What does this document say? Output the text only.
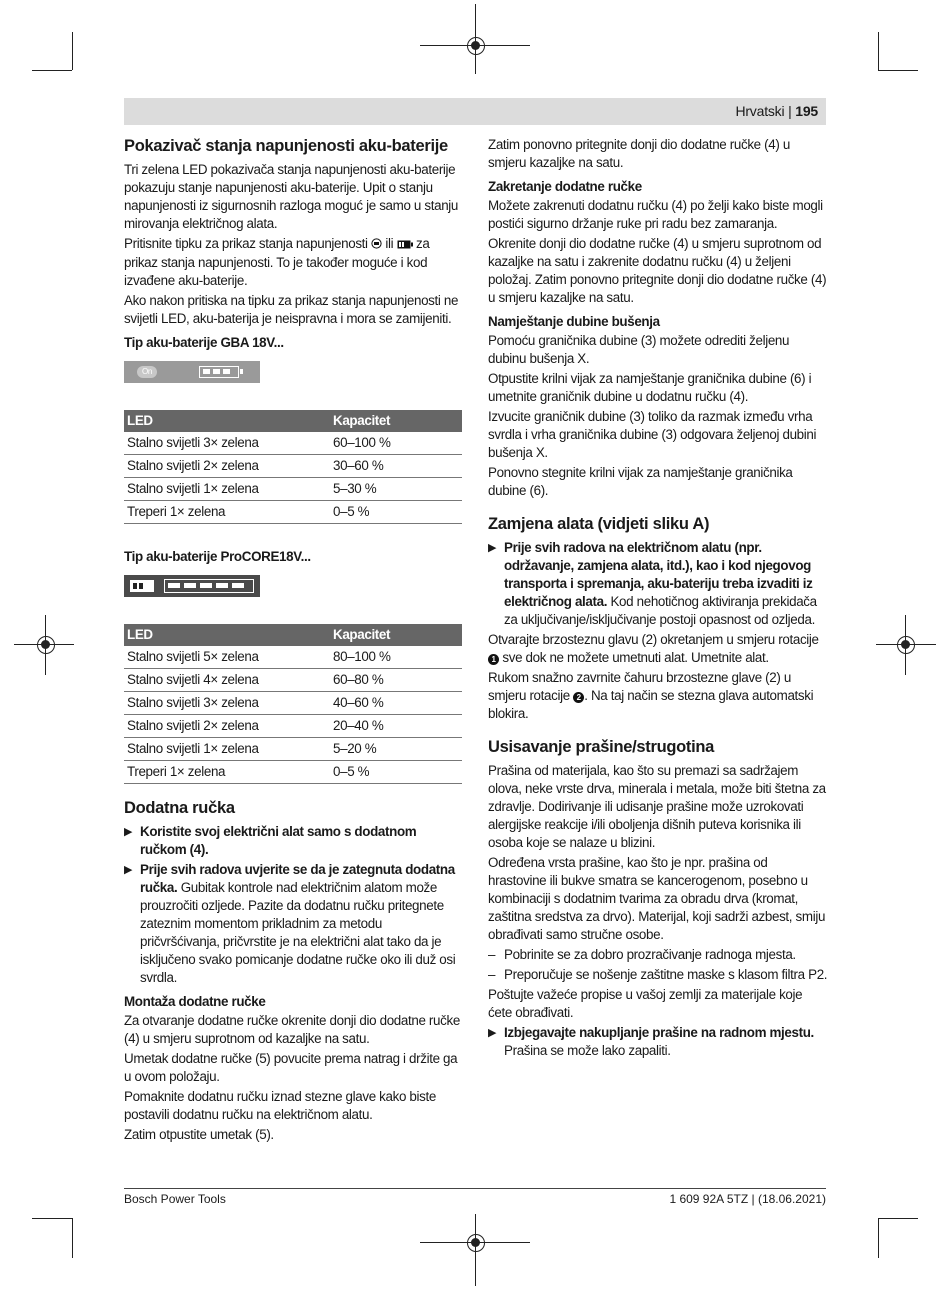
Hrvatski | 195
Pokazivač stanja napunjenosti aku-baterije

Tri zelena LED pokazivača stanja napunjenosti aku-baterije pokazuju stanje napunjenosti aku-baterije. Upit o stanju napunjenosti iz sigurnosnih razloga moguć je samo u stanju mirovanja električnog alata.

Pritisnite tipku za prikaz stanja napunjenosti ili za prikaz stanja napunjenosti. To je također moguće i kod izvađene aku-baterije.

Ako nakon pritiska na tipku za prikaz stanja napunjenosti ne svijetli LED, aku-baterija je neispravna i mora se zamijeniti.

Tip aku-baterije GBA 18V...
On
LED	Kapacitet
Stalno svijetli 3× zelena	60–100 %
Stalno svijetli 2× zelena	30–60 %
Stalno svijetli 1× zelena	5–30 %
Treperi 1× zelena	0–5 %
Tip aku-baterije ProCORE18V...
LED	Kapacitet
Stalno svijetli 5× zelena	80–100 %
Stalno svijetli 4× zelena	60–80 %
Stalno svijetli 3× zelena	40–60 %
Stalno svijetli 2× zelena	20–40 %
Stalno svijetli 1× zelena	5–20 %
Treperi 1× zelena	0–5 %
Dodatna ručka
▶ Koristite svoj električni alat samo s dodatnom ručkom (4).
▶ Prije svih radova uvjerite se da je zategnuta dodatna ručka. Gubitak kontrole nad električnim alatom može prouzročiti ozljede. Pazite da dodatnu ručku pritegnete zateznim momentom prikladnim za metodu pričvršćivanja, pričvrstite je na električni alat tako da je isključeno svako pomicanje dodatne ručke oko ili duž osi svrdla.
Montaža dodatne ručke

Za otvaranje dodatne ručke okrenite donji dio dodatne ručke (4) u smjeru suprotnom od kazaljke na satu.

Umetak dodatne ručke (5) povucite prema natrag i držite ga u ovom položaju.

Pomaknite dodatnu ručku iznad stezne glave kako biste postavili dodatnu ručku na električnom alatu.

Zatim otpustite umetak (5).

Zatim ponovno pritegnite donji dio dodatne ručke (4) u smjeru kazaljke na satu.

Zakretanje dodatne ručke

Možete zakrenuti dodatnu ručku (4) po želji kako biste mogli postići sigurno držanje ruke pri radu bez zamaranja.

Okrenite donji dio dodatne ručke (4) u smjeru suprotnom od kazaljke na satu i zakrenite dodatnu ručku (4) u željeni položaj. Zatim ponovno pritegnite donji dio dodatne ručke (4) u smjeru kazaljke na satu.

Namještanje dubine bušenja

Pomoću graničnika dubine (3) možete odrediti željenu dubinu bušenja X.

Otpustite krilni vijak za namještanje graničnika dubine (6) i umetnite graničnik dubine u dodatnu ručku (4).

Izvucite graničnik dubine (3) toliko da razmak između vrha svrdla i vrha graničnika dubine (3) odgovara željenoj dubini bušenja X.

Ponovno stegnite krilni vijak za namještanje graničnika dubine (6).

Zamjena alata (vidjeti sliku A)
▶ Prije svih radova na električnom alatu (npr. održavanje, zamjena alata, itd.), kao i kod njegovog transporta i spremanja, aku-bateriju treba izvaditi iz električnog alata. Kod nehotičnog aktiviranja prekidača za uključivanje/isključivanje postoji opasnost od ozljeda.

Otvarajte brzosteznu glavu (2) okretanjem u smjeru rotacije 1 sve dok ne možete umetnuti alat. Umetnite alat.

Rukom snažno zavrnite čahuru brzostezne glave (2) u smjeru rotacije 2 . Na taj način se stezna glava automatski blokira.

Usisavanje prašine/strugotina

Prašina od materijala, kao što su premazi sa sadržajem olova, neke vrste drva, minerala i metala, može biti štetna za zdravlje. Dodirivanje ili udisanje prašine može uzrokovati alergijske reakcije i/ili oboljenja dišnih puteva korisnika ili osoba koje se nalaze u blizini.

Određena vrsta prašine, kao što je npr. prašina od hrastovine ili bukve smatra se kancerogenom, posebno u kombinaciji s dodatnim tvarima za obradu drva (kromat, zaštitna sredstva za drvo). Materijal, koji sadrži azbest, smiju obrađivati samo stručne osobe.

– Pobrinite se za dobro prozračivanje radnoga mjesta.
– Preporučuje se nošenje zaštitne maske s klasom filtra P2.

Poštujte važeće propise u vašoj zemlji za materijale koje ćete obrađivati.

▶ Izbjegavajte nakupljanje prašine na radnom mjestu.
Prašina se može lako zapaliti.
Bosch Power Tools	1 609 92A 5TZ | (18.06.2021)
